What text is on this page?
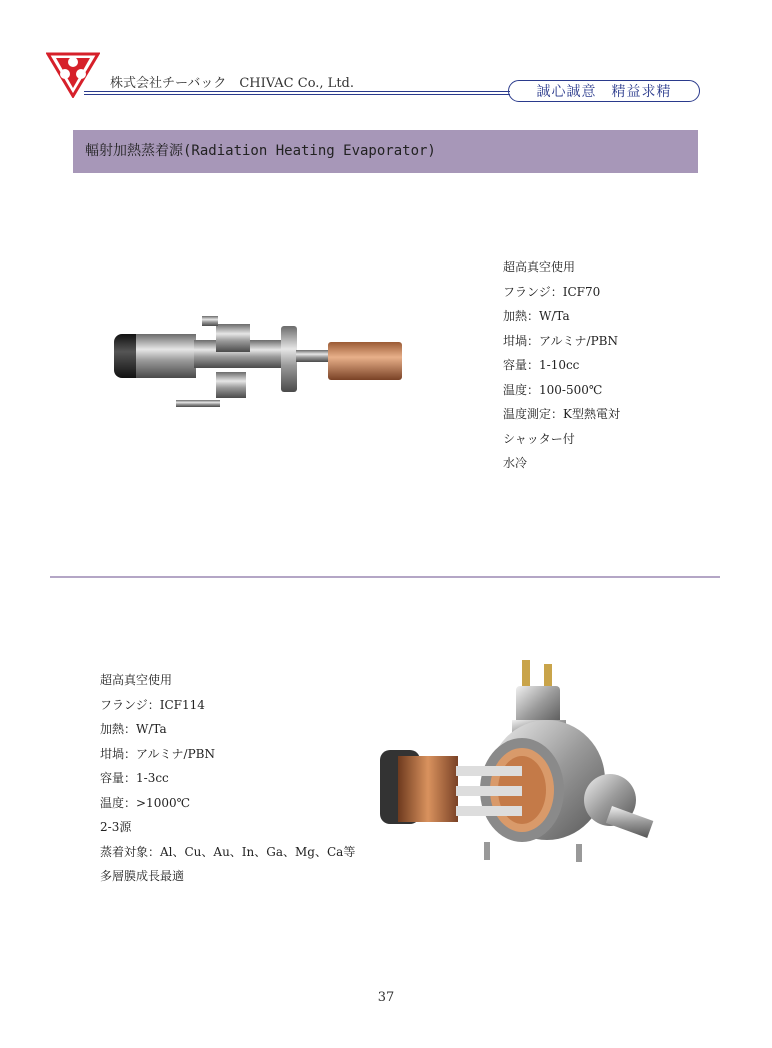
株式会社チーバック　CHIVAC Co., Ltd.
誠心誠意　精益求精
輻射加熱蒸着源(Radiation Heating Evaporator)
超高真空使用
フランジ：ICF70
加熱：W/Ta
坩堝：アルミナ/PBN
容量：1-10cc
温度：100-500℃
温度測定：K型熱電対
シャッター付
水冷
超高真空使用
フランジ：ICF114
加熱：W/Ta
坩堝：アルミナ/PBN
容量：1-3cc
温度：>1000℃
2-3源
蒸着対象：Al、Cu、Au、In、Ga、Mg、Ca等
多層膜成長最適
37
